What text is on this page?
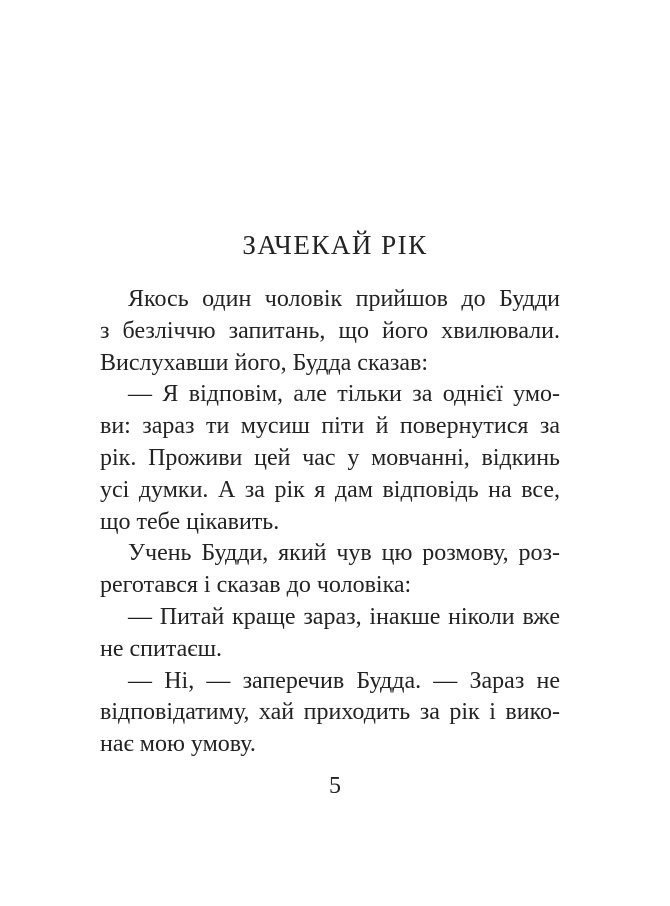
ЗАЧЕКАЙ РІК
Якось один чоловік прийшов до Будди
з безліччю запитань, що його хвилювали.
Вислухавши його, Будда сказав:
— Я відповім, але тільки за однієї умо-
ви: зараз ти мусиш піти й повернутися за
рік. Проживи цей час у мовчанні, відкинь
усі думки. А за рік я дам відповідь на все,
що тебе цікавить.
Учень Будди, який чув цю розмову, роз-
реготався і сказав до чоловіка:
— Питай краще зараз, інакше ніколи вже
не спитаєш.
— Ні, — заперечив Будда. — Зараз не
відповідатиму, хай приходить за рік і вико-
нає мою умову.
5
